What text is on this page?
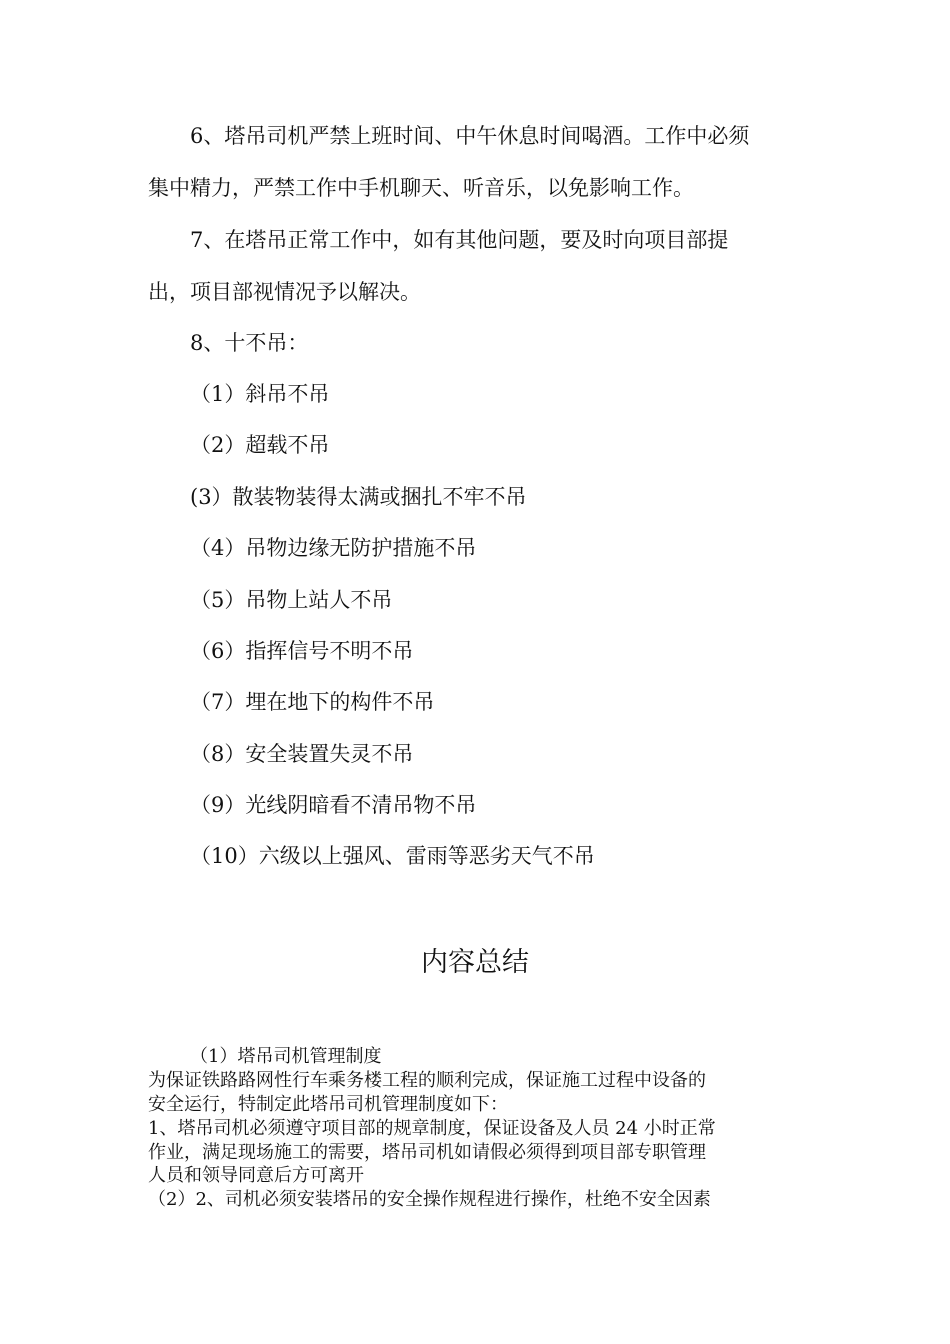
6、塔吊司机严禁上班时间、中午休息时间喝酒。工作中必须
集中精力，严禁工作中手机聊天、听音乐，以免影响工作。
7、在塔吊正常工作中，如有其他问题，要及时向项目部提
出，项目部视情况予以解决。
8、十不吊：
（1）斜吊不吊
（2）超载不吊
(3）散装物装得太满或捆扎不牢不吊
（4）吊物边缘无防护措施不吊
（5）吊物上站人不吊
（6）指挥信号不明不吊
（7）埋在地下的构件不吊
（8）安全装置失灵不吊
（9）光线阴暗看不清吊物不吊
（10）六级以上强风、雷雨等恶劣天气不吊
内容总结
（1）塔吊司机管理制度
为保证铁路路网性行车乘务楼工程的顺利完成，保证施工过程中设备的
安全运行，特制定此塔吊司机管理制度如下：
1、塔吊司机必须遵守项目部的规章制度，保证设备及人员 24 小时正常
作业，满足现场施工的需要，塔吊司机如请假必须得到项目部专职管理
人员和领导同意后方可离开
（2）2、司机必须安装塔吊的安全操作规程进行操作，杜绝不安全因素
